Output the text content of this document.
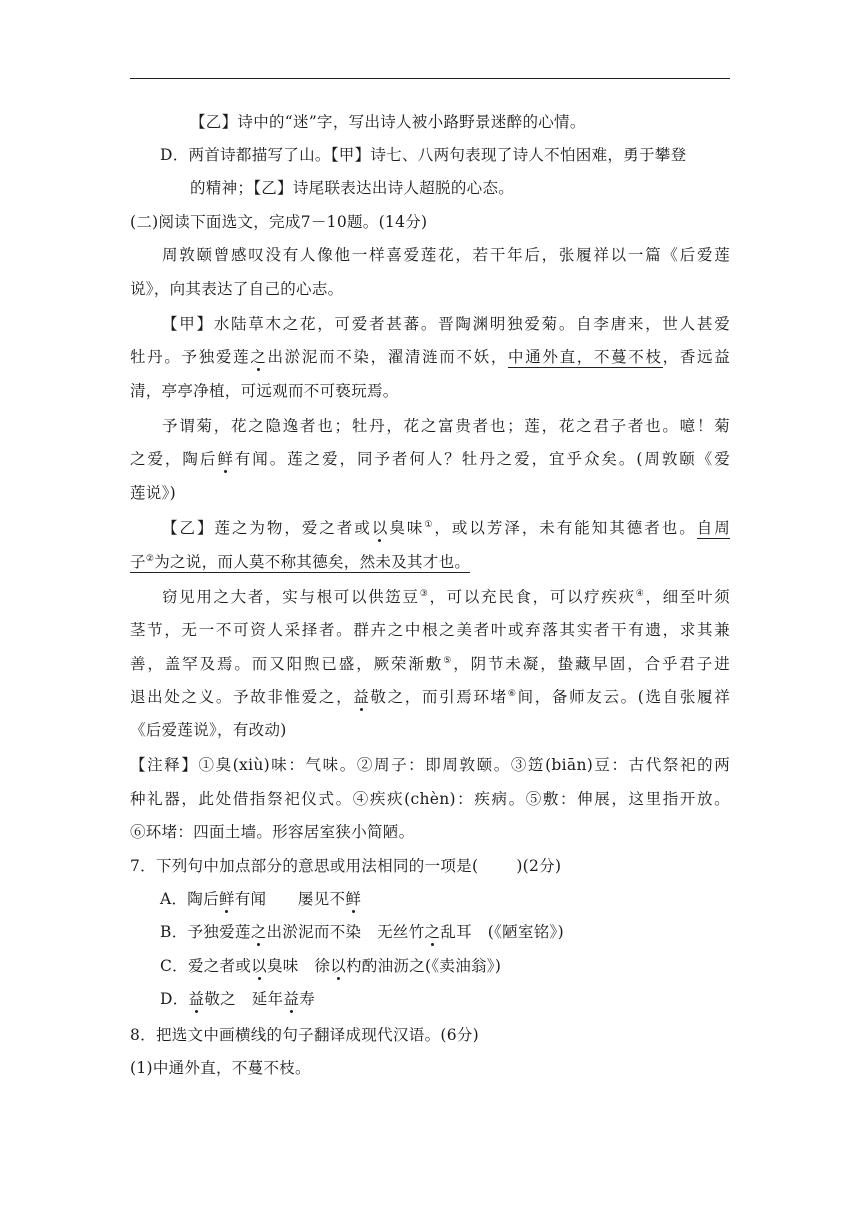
【乙】诗中的“迷”字，写出诗人被小路野景迷醉的心情。
D．两首诗都描写了山。【甲】诗七、八两句表现了诗人不怕困难，勇于攀登
的精神；【乙】诗尾联表达出诗人超脱的心态。
(二)阅读下面选文，完成7－10题。(14分)
周敦颐曾感叹没有人像他一样喜爱莲花，若干年后，张履祥以一篇《后爱莲
说》，向其表达了自己的心志。
【甲】水陆草木之花，可爱者甚蕃。晋陶渊明独爱菊。自李唐来，世人甚爱
牡丹。予独爱莲之出淤泥而不染，濯清涟而不妖，中通外直，不蔓不枝，香远益
清，亭亭净植，可远观而不可亵玩焉。
予谓菊，花之隐逸者也；牡丹，花之富贵者也；莲，花之君子者也。噫！菊
之爱，陶后鲜有闻。莲之爱，同予者何人？牡丹之爱，宜乎众矣。(周敦颐《爱
莲说》)
【乙】莲之为物，爱之者或以臭味①，或以芳泽，未有能知其德者也。自周
子②为之说，而人莫不称其德矣，然未及其才也。
窃见用之大者，实与根可以供笾豆③，可以充民食，可以疗疾疢④，细至叶须
茎节，无一不可资人采择者。群卉之中根之美者叶或弃落其实者干有遗，求其兼
善，盖罕及焉。而又阳煦已盛，厥荣渐敷⑤，阴节未凝，蛰藏早固，合乎君子进
退出处之义。予故非惟爱之，益敬之，而引焉环堵⑥间，备师友云。(选自张履祥
《后爱莲说》，有改动)
【注释】①臭(xiù)味：气味。②周子：即周敦颐。③笾(biān)豆：古代祭祀的两
种礼器，此处借指祭祀仪式。④疾疢(chèn)：疾病。⑤敷：伸展，这里指开放。
⑥环堵：四面土墙。形容居室狭小简陋。
7．下列句中加点部分的意思或用法相同的一项是( )(2分)
A．陶后鲜有闻　　屡见不鲜
B．予独爱莲之出淤泥而不染　无丝竹之乱耳　(《陋室铭》)
C．爱之者或以臭味　徐以杓酌油沥之(《卖油翁》)
D．益敬之　延年益寿
8．把选文中画横线的句子翻译成现代汉语。(6分)
(1)中通外直，不蔓不枝。
